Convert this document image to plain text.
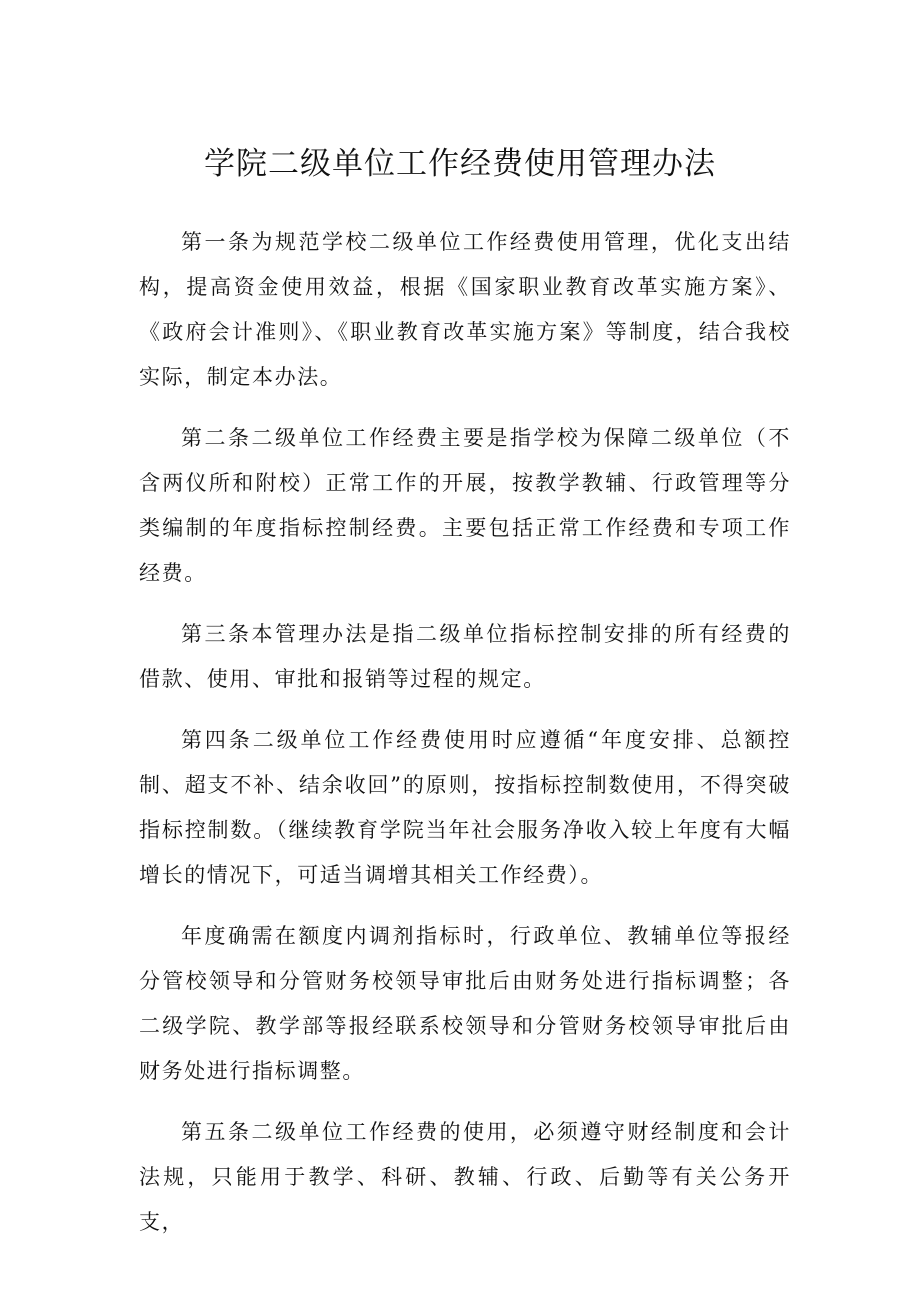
学院二级单位工作经费使用管理办法

第一条为规范学校二级单位工作经费使用管理，优化支出结构，提高资金使用效益，根据《国家职业教育改革实施方案》、《政府会计准则》、《职业教育改革实施方案》等制度，结合我校实际，制定本办法。

第二条二级单位工作经费主要是指学校为保障二级单位（不含两仪所和附校）正常工作的开展，按教学教辅、行政管理等分类编制的年度指标控制经费。主要包括正常工作经费和专项工作经费。

第三条本管理办法是指二级单位指标控制安排的所有经费的借款、使用、审批和报销等过程的规定。

第四条二级单位工作经费使用时应遵循“年度安排、总额控制、超支不补、结余收回”的原则，按指标控制数使用，不得突破指标控制数。（继续教育学院当年社会服务净收入较上年度有大幅增长的情况下，可适当调增其相关工作经费）。

年度确需在额度内调剂指标时，行政单位、教辅单位等报经分管校领导和分管财务校领导审批后由财务处进行指标调整；各二级学院、教学部等报经联系校领导和分管财务校领导审批后由财务处进行指标调整。

第五条二级单位工作经费的使用，必须遵守财经制度和会计法规，只能用于教学、科研、教辅、行政、后勤等有关公务开支，
